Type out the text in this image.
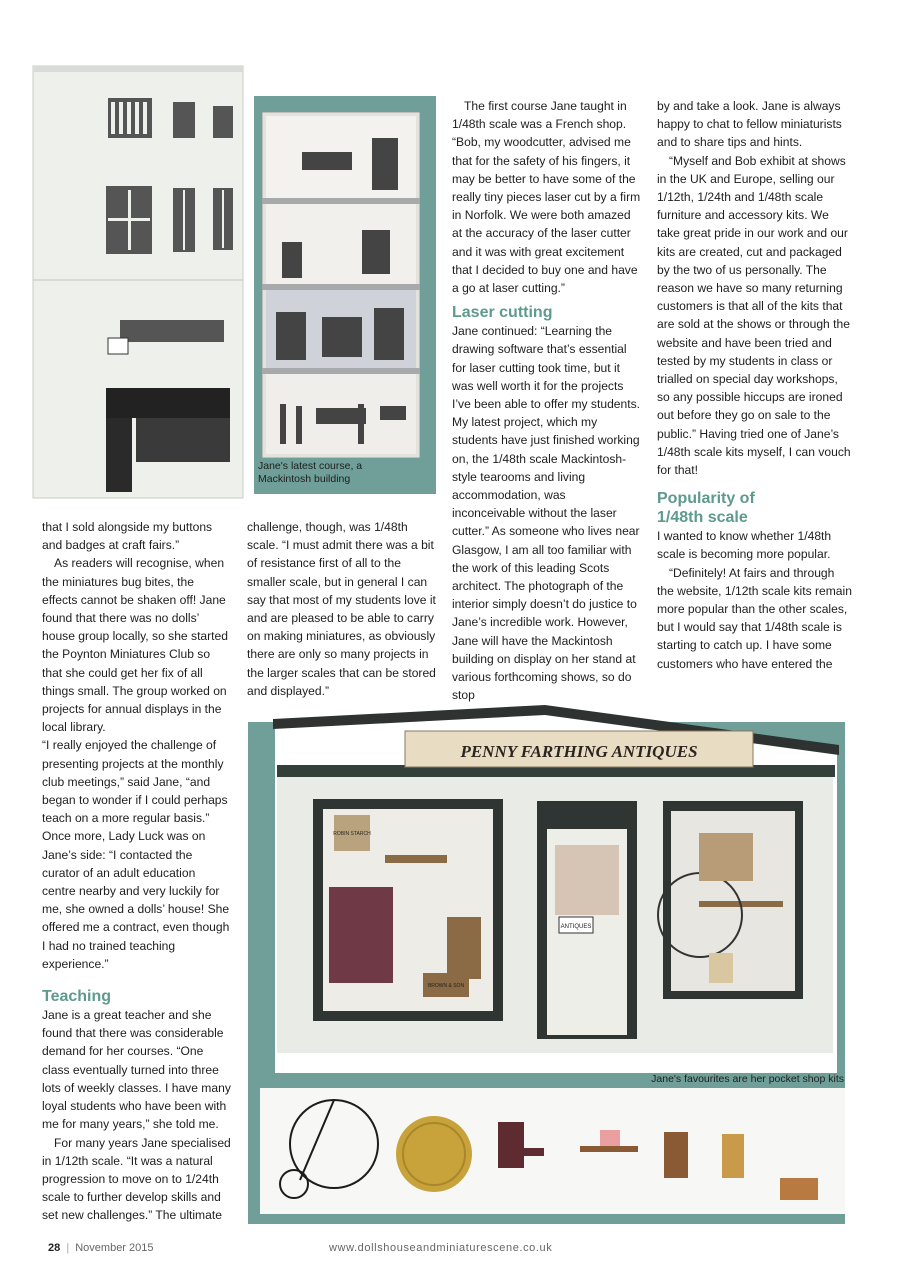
Jane's latest course, a Mackintosh building

The first course Jane taught in 1/48th scale was a French shop. “Bob, my woodcutter, advised me that for the safety of his fingers, it may be better to have some of the really tiny pieces laser cut by a firm in Norfolk. We were both amazed at the accuracy of the laser cutter and it was with great excitement that I decided to buy one and have a go at laser cutting.”

Laser cutting

Jane continued: “Learning the drawing software that’s essential for laser cutting took time, but it was well worth it for the projects I’ve been able to offer my students. My latest project, which my students have just finished working on, the 1/48th scale Mackintosh-style tearooms and living accommodation, was inconceivable without the laser cutter.” As someone who lives near Glasgow, I am all too familiar with the work of this leading Scots architect. The photograph of the interior simply doesn’t do justice to Jane’s incredible work. However, Jane will have the Mackintosh building on display on her stand at various forthcoming shows, so do stop

by and take a look. Jane is always happy to chat to fellow miniaturists and to share tips and hints.

“Myself and Bob exhibit at shows in the UK and Europe, selling our 1/12th, 1/24th and 1/48th scale furniture and accessory kits. We take great pride in our work and our kits are created, cut and packaged by the two of us personally. The reason we have so many returning customers is that all of the kits that are sold at the shows or through the website and have been tried and tested by my students in class or trialled on special day workshops, so any possible hiccups are ironed out before they go on sale to the public.” Having tried one of Jane’s 1/48th scale kits myself, I can vouch for that!

Popularity of 1/48th scale

I wanted to know whether 1/48th scale is becoming more popular.

“Definitely! At fairs and through the website, 1/12th scale kits remain more popular than the other scales, but I would say that 1/48th scale is starting to catch up. I have some customers who have entered the

that I sold alongside my buttons and badges at craft fairs.”

As readers will recognise, when the miniatures bug bites, the effects cannot be shaken off! Jane found that there was no dolls’ house group locally, so she started the Poynton Miniatures Club so that she could get her fix of all things small. The group worked on projects for annual displays in the local library.

“I really enjoyed the challenge of presenting projects at the monthly club meetings,” said Jane, “and began to wonder if I could perhaps teach on a more regular basis.” Once more, Lady Luck was on Jane’s side: “I contacted the curator of an adult education centre nearby and very luckily for me, she owned a dolls’ house! She offered me a contract, even though I had no trained teaching experience.”

Teaching

Jane is a great teacher and she found that there was considerable demand for her courses. “One class eventually turned into three lots of weekly classes. I have many loyal students who have been with me for many years,” she told me.

For many years Jane specialised in 1/12th scale. “It was a natural progression to move on to 1/24th scale to further develop skills and set new challenges.” The ultimate

challenge, though, was 1/48th scale. “I must admit there was a bit of resistance first of all to the smaller scale, but in general I can say that most of my students love it and are pleased to be able to carry on making miniatures, as obviously there are only so many projects in the larger scales that can be stored and displayed.”

PENNY FARTHING ANTIQUES
ROBIN STARCH
ANTIQUES
BROWN & SON
Jane's favourites are her pocket shop kits
28 | November 2015	www.dollshouseandminiaturescene.co.uk
